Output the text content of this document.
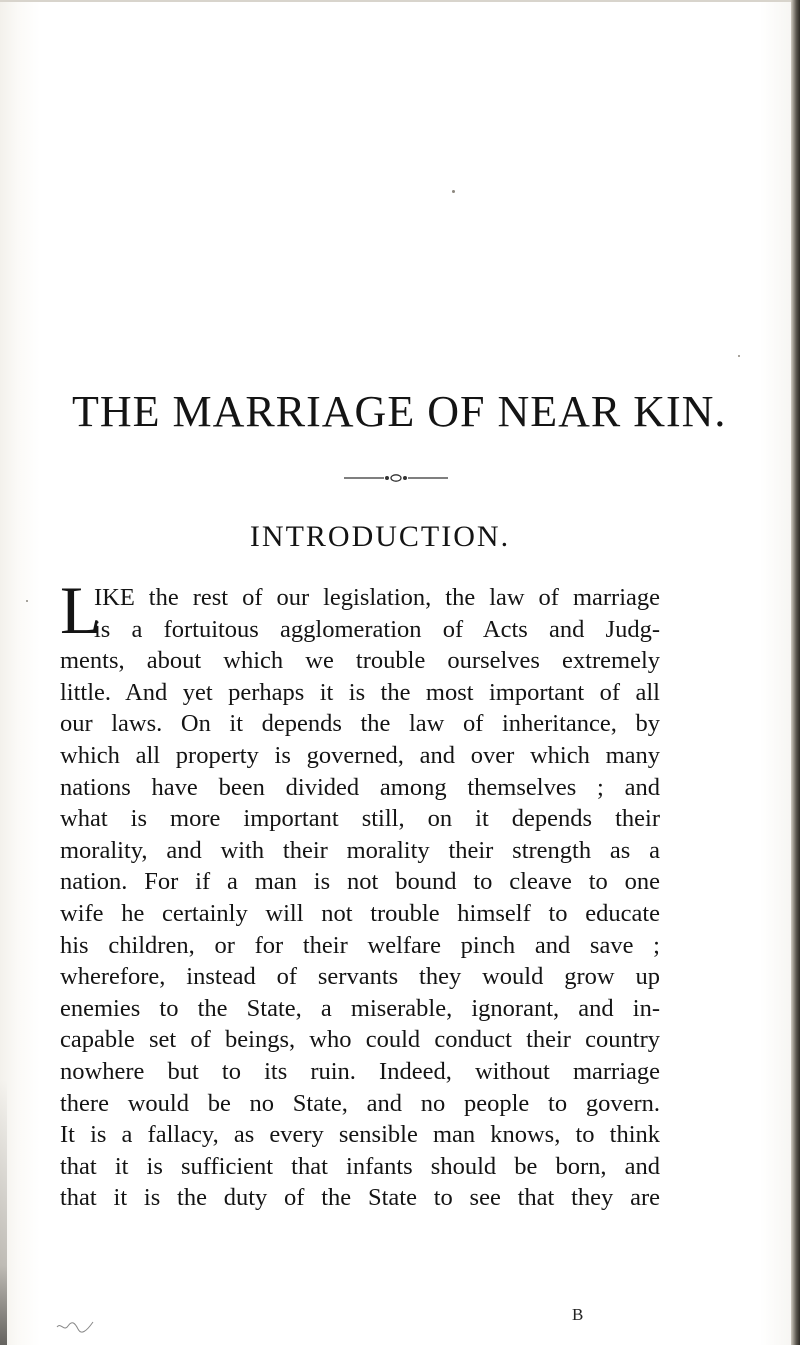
THE MARRIAGE OF NEAR KIN.
INTRODUCTION.
L
IKE the rest of our legislation, the law of marriage
is a fortuitous agglomeration of Acts and Judg-
ments, about which we trouble ourselves extremely
little. And yet perhaps it is the most important of all
our laws. On it depends the law of inheritance, by
which all property is governed, and over which many
nations have been divided among themselves ; and
what is more important still, on it depends their
morality, and with their morality their strength as a
nation. For if a man is not bound to cleave to one
wife he certainly will not trouble himself to educate
his children, or for their welfare pinch and save ;
wherefore, instead of servants they would grow up
enemies to the State, a miserable, ignorant, and in-
capable set of beings, who could conduct their country
nowhere but to its ruin. Indeed, without marriage
there would be no State, and no people to govern.
It is a fallacy, as every sensible man knows, to think
that it is sufficient that infants should be born, and
that it is the duty of the State to see that they are
B
